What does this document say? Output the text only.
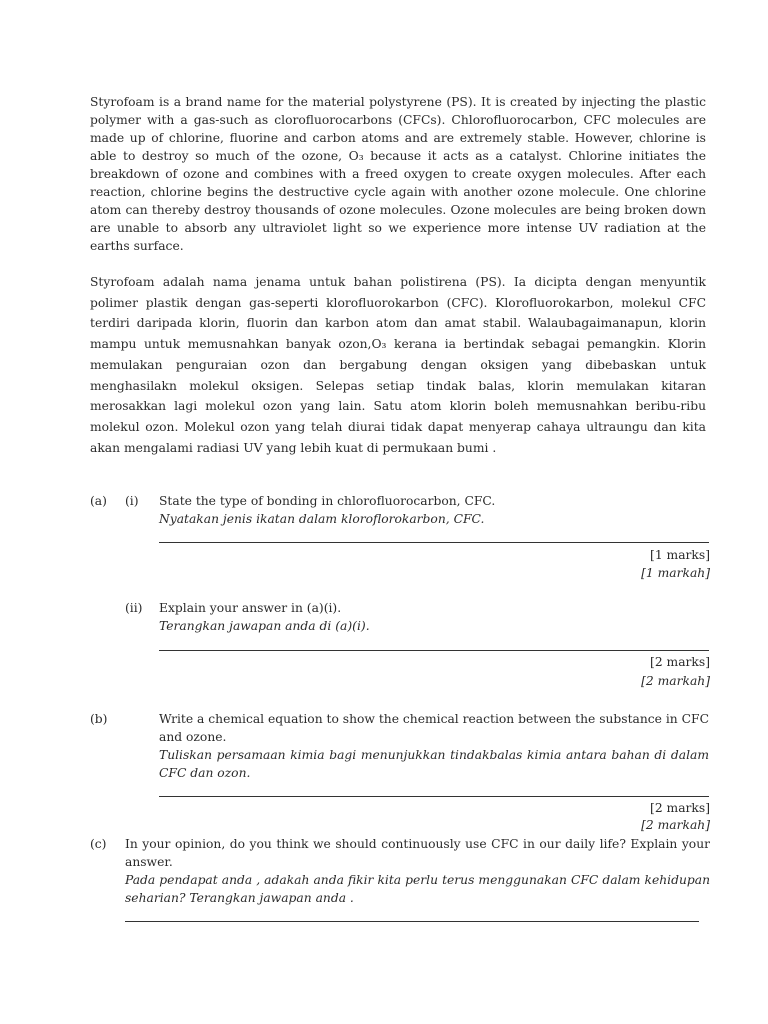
Styrofoam is a brand name for the material polystyrene (PS). It is created by injecting the plastic polymer with a gas-such as clorofluorocarbons (CFCs). Chlorofluorocarbon, CFC molecules are made up of chlorine, fluorine and carbon atoms and are extremely stable. However, chlorine is able to destroy so much of the ozone, O₃ because it acts as a catalyst. Chlorine initiates the breakdown of ozone and combines with a freed oxygen to create oxygen molecules. After each reaction, chlorine begins the destructive cycle again with another ozone molecule. One chlorine atom can thereby destroy thousands of ozone molecules. Ozone molecules are being broken down are unable to absorb any ultraviolet light so we experience more intense UV radiation at the earths surface.
Styrofoam adalah nama jenama untuk bahan polistirena (PS). Ia dicipta dengan menyuntik polimer plastik dengan gas-seperti klorofluorokarbon (CFC). Klorofluorokarbon, molekul CFC terdiri daripada klorin, fluorin dan karbon atom dan amat stabil. Walaubagaimanapun, klorin mampu untuk memusnahkan banyak ozon,O₃ kerana ia bertindak sebagai pemangkin. Klorin memulakan penguraian ozon dan bergabung dengan oksigen yang dibebaskan untuk menghasilakn molekul oksigen. Selepas setiap tindak balas, klorin memulakan kitaran merosakkan lagi molekul ozon yang lain. Satu atom klorin boleh memusnahkan beribu-ribu molekul ozon. Molekul ozon yang telah diurai tidak dapat menyerap cahaya ultraungu dan kita akan mengalami radiasi UV yang lebih kuat di permukaan bumi .
(a) (i) State the type of bonding in chlorofluorocarbon, CFC.
Nyatakan jenis ikatan dalam kloroflorokarbon, CFC.
[1 marks]
[1 markah]
(ii) Explain your answer in (a)(i).
Terangkan jawapan anda di (a)(i).
[2 marks]
[2 markah]
(b)	Write a chemical equation to show the chemical reaction between the substance in CFC and ozone.
Tuliskan persamaan kimia bagi menunjukkan tindakbalas kimia antara bahan di dalam CFC dan ozon.
[2 marks]
[2 markah]
(c) In your opinion, do you think we should continuously use CFC in our daily life? Explain your answer.
Pada pendapat anda , adakah anda fikir kita perlu terus menggunakan CFC dalam kehidupan seharian? Terangkan jawapan anda .
